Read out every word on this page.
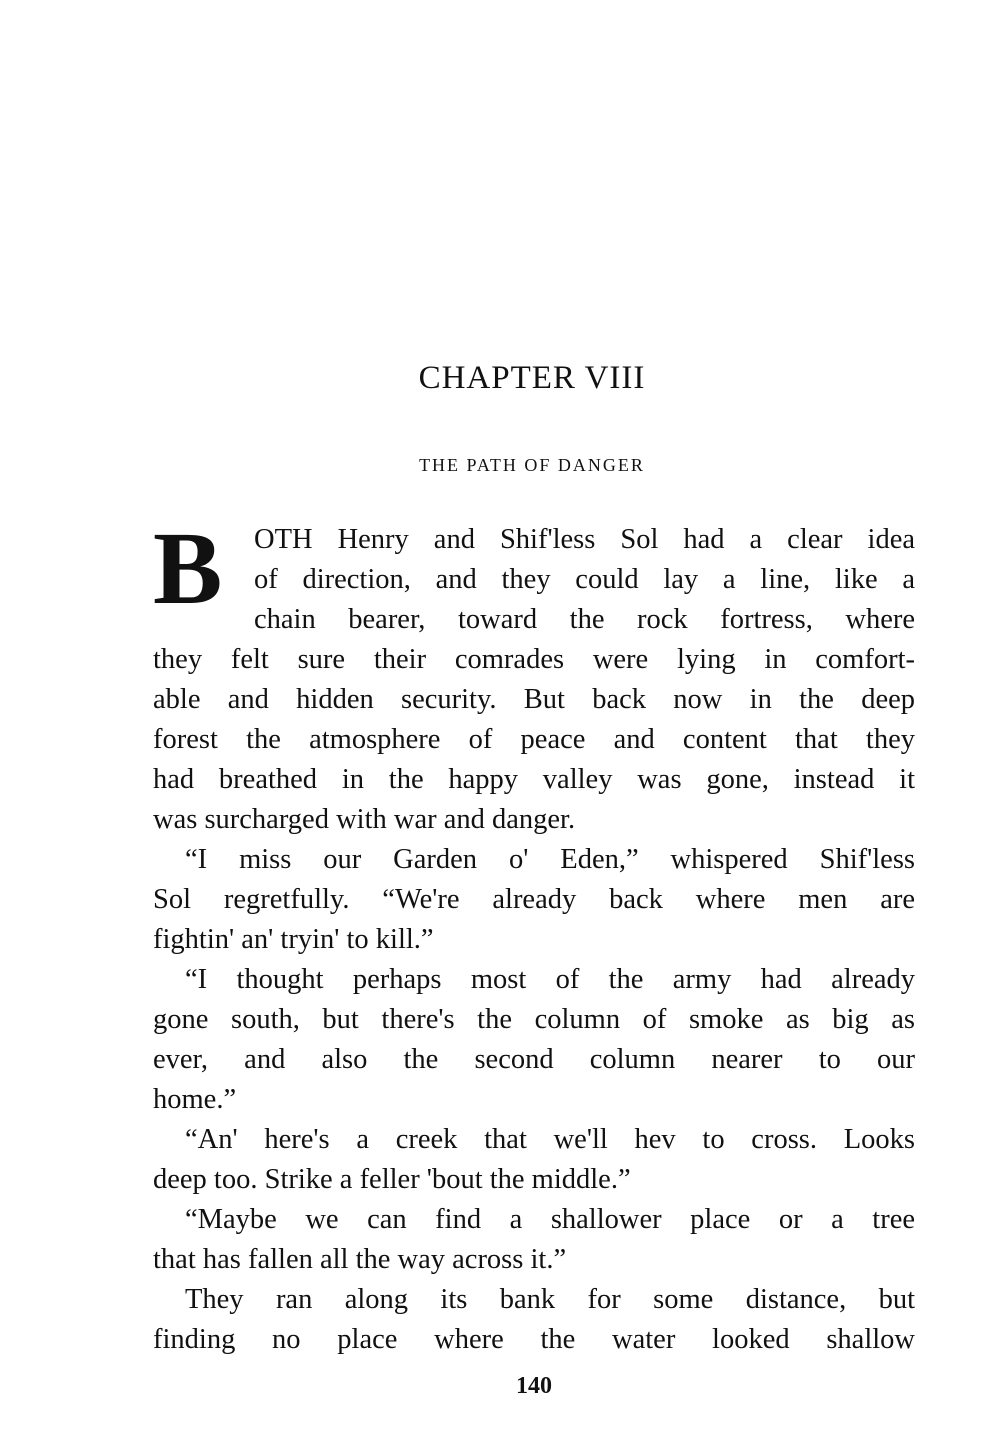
CHAPTER VIII
THE PATH OF DANGER
B	OTH Henry and Shif'less Sol had a clear idea
of direction, and they could lay a line, like a
chain bearer, toward the rock fortress, where
they felt sure their comrades were lying in comfort-
able and hidden security. But back now in the deep
forest the atmosphere of peace and content that they
had breathed in the happy valley was gone, instead it
was surcharged with war and danger.
“I miss our Garden o' Eden,” whispered Shif'less
Sol regretfully. “We're already back where men are
fightin' an' tryin' to kill.”
“I thought perhaps most of the army had already
gone south, but there's the column of smoke as big as
ever, and also the second column nearer to our
home.”
“An' here's a creek that we'll hev to cross. Looks
deep too. Strike a feller 'bout the middle.”
“Maybe we can find a shallower place or a tree
that has fallen all the way across it.”
They ran along its bank for some distance, but
finding no place where the water looked shallow
140
